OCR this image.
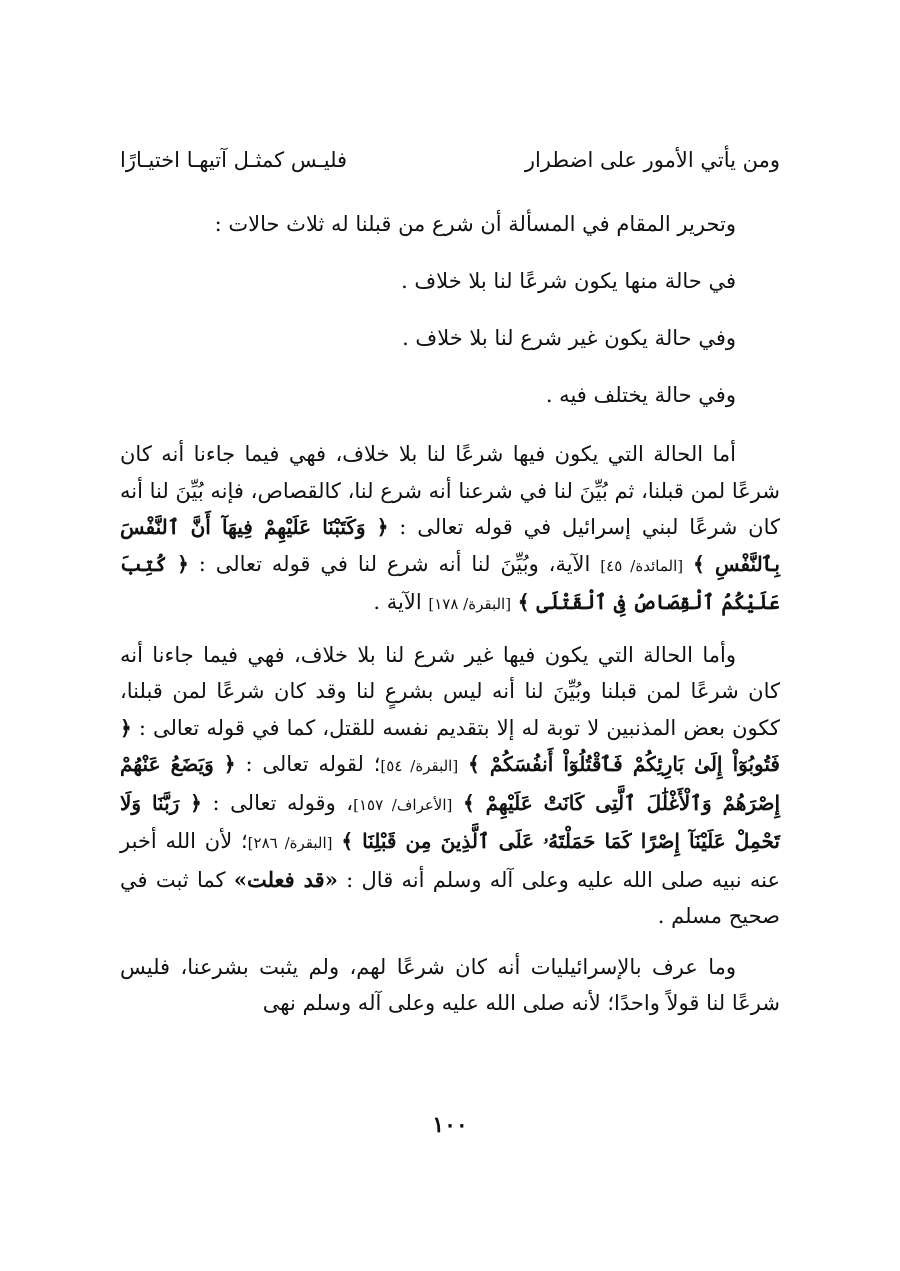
ومن يأتي الأمور على اضطرار
فليـس كمثـل آتيهـا اختيـارًا
وتحرير المقام في المسألة أن شرع من قبلنا له ثلاث حالات :
في حالة منها يكون شرعًا لنا بلا خلاف .
وفي حالة يكون غير شرع لنا بلا خلاف .
وفي حالة يختلف فيه .
أما الحالة التي يكون فيها شرعًا لنا بلا خلاف، فهي فيما جاءنا أنه كان شرعًا لمن قبلنا، ثم بُيِّنَ لنا في شرعنا أنه شرع لنا، كالقصاص، فإنه بُيِّنَ لنا أنه كان شرعًا لبني إسرائيل في قوله تعالى : ﴿ وَكَتَبْنَا عَلَيْهِمْ فِيهَآ أَنَّ ٱلنَّفْسَ بِٱلنَّفْسِ ﴾ [المائدة/ ٤٥] الآية، وبُيِّنَ لنا أنه شرع لنا في قوله تعالى : ﴿ كُتِبَ عَلَيْكُمُ ٱلْقِصَاصُ فِى ٱلْقَتْلَى ﴾ [البقرة/ ١٧٨] الآية .
وأما الحالة التي يكون فيها غير شرع لنا بلا خلاف، فهي فيما جاءنا أنه كان شرعًا لمن قبلنا وبُيِّنَ لنا أنه ليس بشرعٍ لنا وقد كان شرعًا لمن قبلنا، ككون بعض المذنبين لا توبة له إلا بتقديم نفسه للقتل، كما في قوله تعالى : ﴿ فَتُوبُوٓاْ إِلَىٰ بَارِئِكُمْ فَٱقْتُلُوٓاْ أَنفُسَكُمْ ﴾ [البقرة/ ٥٤]؛ لقوله تعالى : ﴿ وَيَضَعُ عَنْهُمْ إِصْرَهُمْ وَٱلْأَغْلَٰلَ ٱلَّتِى كَانَتْ عَلَيْهِمْ ﴾ [الأعراف/ ١٥٧]، وقوله تعالى : ﴿ رَبَّنَا وَلَا تَحْمِلْ عَلَيْنَآ إِصْرًا كَمَا حَمَلْتَهُۥ عَلَى ٱلَّذِينَ مِن قَبْلِنَا ﴾ [البقرة/ ٢٨٦]؛ لأن الله أخبر عنه نبيه صلى الله عليه وعلى آله وسلم أنه قال : «قد فعلت» كما ثبت في صحيح مسلم .
وما عرف بالإسرائيليات أنه كان شرعًا لهم، ولم يثبت بشرعنا، فليس شرعًا لنا قولاً واحدًا؛ لأنه صلى الله عليه وعلى آله وسلم نهى
١٠٠
